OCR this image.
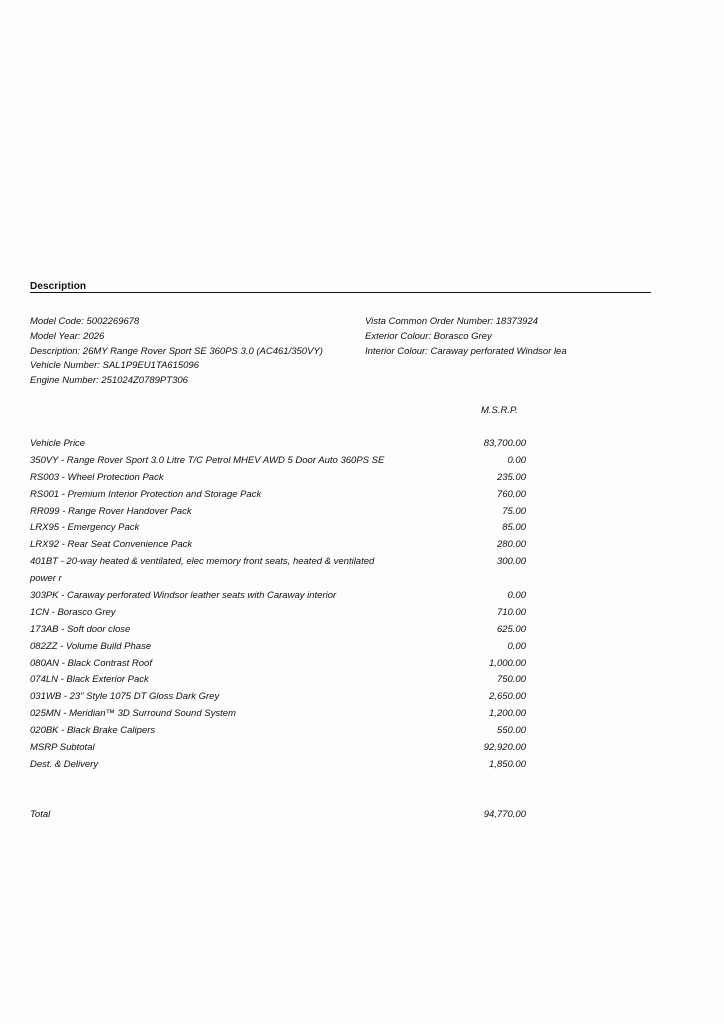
Description
Model Code: 5002269678
Model Year: 2026
Description: 26MY Range Rover Sport SE 360PS 3.0 (AC461/350VY)
Vehicle Number: SAL1P9EU1TA615096
Engine Number: 251024Z0789PT306
Vista Common Order Number: 18373924
Exterior Colour: Borasco Grey
Interior Colour: Caraway perforated Windsor lea
M.S.R.P.
Vehicle Price	83,700.00
350VY - Range Rover Sport 3.0 Litre T/C Petrol MHEV AWD 5 Door Auto 360PS SE	0.00
RS003 - Wheel Protection Pack	235.00
RS001 - Premium Interior Protection and Storage Pack	760.00
RR099 - Range Rover Handover Pack	75.00
LRX95 - Emergency Pack	85.00
LRX92 - Rear Seat Convenience Pack	280.00
401BT - 20-way heated & ventilated, elec memory front seats, heated & ventilated power r
300.00
303PK - Caraway perforated Windsor leather seats with Caraway interior	0.00
1CN - Borasco Grey	710.00
173AB - Soft door close	625.00
082ZZ - Volume Build Phase	0.00
080AN - Black Contrast Roof	1,000.00
074LN - Black Exterior Pack	750.00
031WB - 23" Style 1075 DT Gloss Dark Grey	2,650.00
025MN - Meridian™ 3D Surround Sound System	1,200.00
020BK - Black Brake Calipers	550.00
MSRP Subtotal	92,920.00
Dest. & Delivery	1,850.00
Total	94,770.00
